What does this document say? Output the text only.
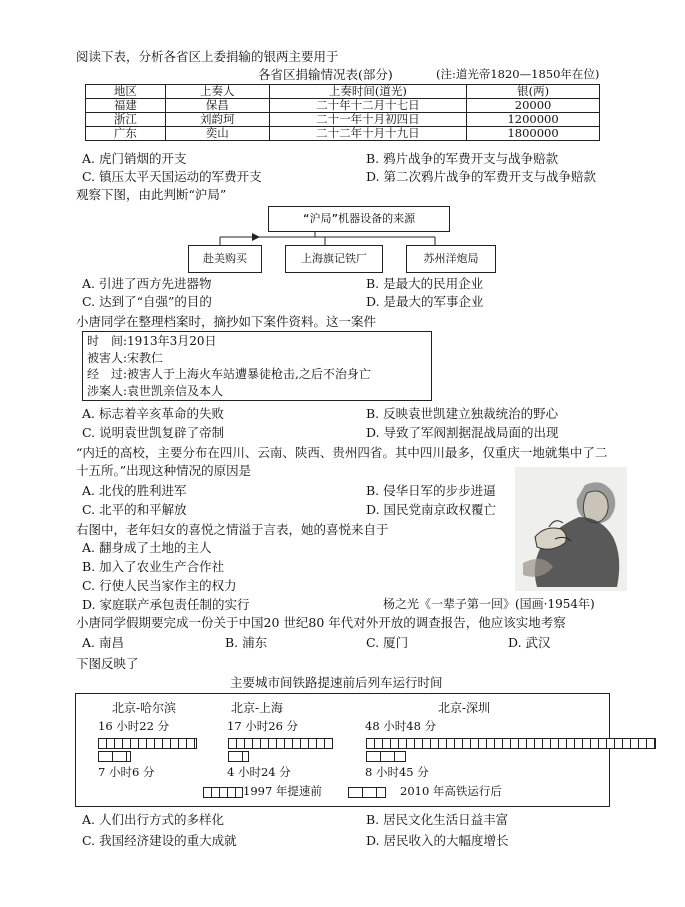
阅读下表，分析各省区上委捐输的银两主要用于
各省区捐输情况表(部分)	(注:道光帝1820—1850年在位)
地区	上奏人	上奏时间(道光)	银(两)
福建	保昌	二十年十二月十七日	20000
浙江	刘韵珂	二十一年十月初四日	1200000
广东	奕山	二十二年十月十九日	1800000
A. 虎门销烟的开支	B. 鸦片战争的军费开支与战争赔款
C. 镇压太平天国运动的军费开支	D. 第二次鸦片战争的军费开支与战争赔款
观察下图，由此判断“沪局”
“沪局”机器设备的来源
赴美购买	上海旗记铁厂	苏州洋炮局
A. 引进了西方先进器物	B. 是最大的民用企业
C. 达到了“自强”的目的	D. 是最大的军事企业
小唐同学在整理档案时，摘抄如下案件资料。这一案件
时　间:1913年3月20日
被害人:宋教仁
经　过:被害人于上海火车站遭暴徒枪击,之后不治身亡
涉案人:袁世凯亲信及本人
A. 标志着辛亥革命的失败	B. 反映袁世凯建立独裁统治的野心
C. 说明袁世凯复辟了帝制	D. 导致了军阀割据混战局面的出现
“内迁的高校，主要分布在四川、云南、陕西、贵州四省。其中四川最多，仅重庆一地就集中了二
十五所。”出现这种情况的原因是
A. 北伐的胜利进军	B. 侵华日军的步步进逼
C. 北平的和平解放	D. 国民党南京政权覆亡
右图中，老年妇女的喜悦之情溢于言表，她的喜悦来自于
A. 翻身成了土地的主人
B. 加入了农业生产合作社
C. 行使人民当家作主的权力
D. 家庭联产承包责任制的实行	杨之光《一辈子第一回》(国画·1954年)
小唐同学假期要完成一份关于中国20 世纪80 年代对外开放的调查报告，他应该实地考察
A. 南昌	B. 浦东	C. 厦门	D. 武汉
下图反映了
主要城市间铁路提速前后列车运行时间
北京-哈尔滨	北京-上海	北京-深圳
16 小时22 分	17 小时26 分	48 小时48 分
7 小时6 分	4 小时24 分	8 小时45 分
1997 年提速前	2010 年高铁运行后
A. 人们出行方式的多样化	B. 居民文化生活日益丰富
C. 我国经济建设的重大成就	D. 居民收入的大幅度增长
